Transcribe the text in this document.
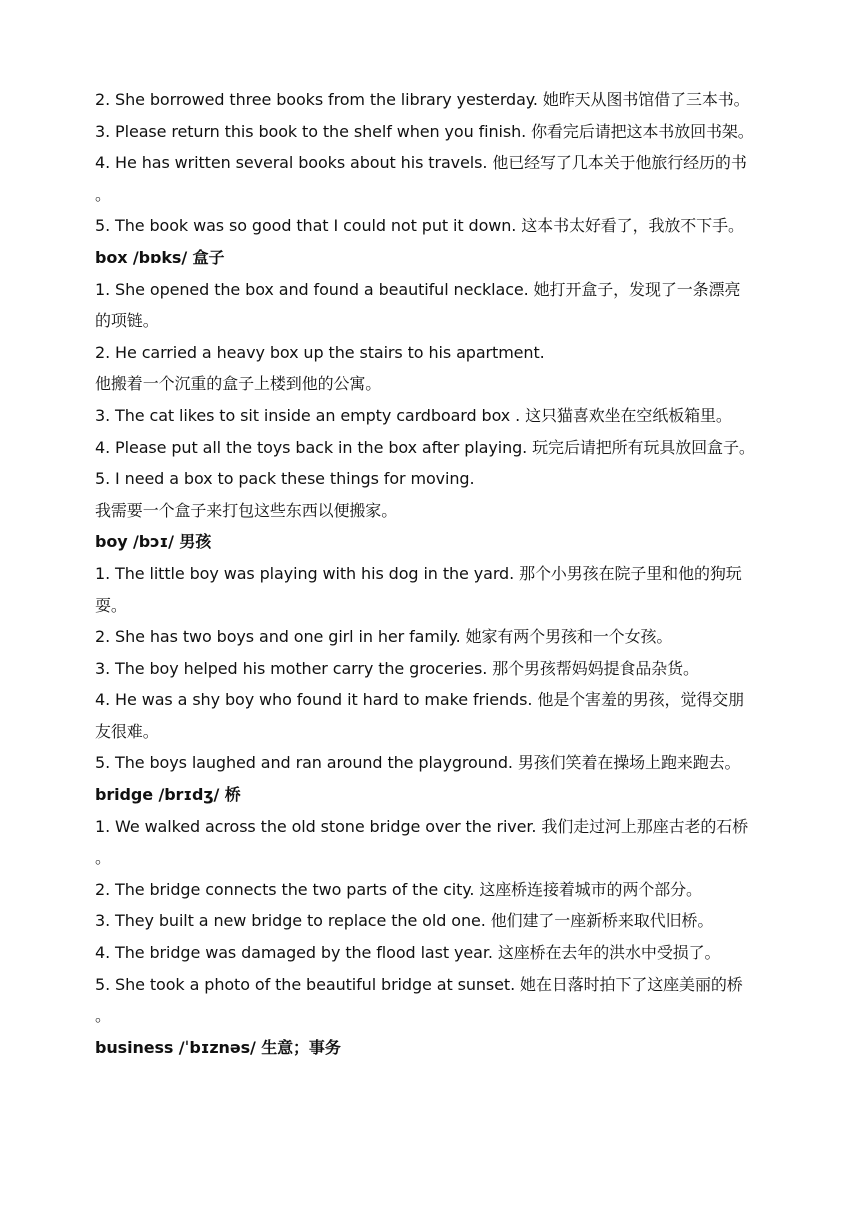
2. She borrowed three books from the library yesterday. 她昨天从图书馆借了三本书。
3. Please return this book to the shelf when you finish. 你看完后请把这本书放回书架。
4. He has written several books about his travels. 他已经写了几本关于他旅行经历的书
。
5. The book was so good that I could not put it down. 这本书太好看了，我放不下手。
box /bɒks/ 盒子
1. She opened the box and found a beautiful necklace. 她打开盒子，发现了一条漂亮
的项链。
2. He carried a heavy box up the stairs to his apartment.
他搬着一个沉重的盒子上楼到他的公寓。
3. The cat likes to sit inside an empty cardboard box . 这只猫喜欢坐在空纸板箱里。
4. Please put all the toys back in the box after playing. 玩完后请把所有玩具放回盒子。
5. I need a box to pack these things for moving.
我需要一个盒子来打包这些东西以便搬家。
boy /bɔɪ/ 男孩
1. The little boy was playing with his dog in the yard. 那个小男孩在院子里和他的狗玩
耍。
2. She has two boys and one girl in her family. 她家有两个男孩和一个女孩。
3. The boy helped his mother carry the groceries. 那个男孩帮妈妈提食品杂货。
4. He was a shy boy who found it hard to make friends. 他是个害羞的男孩，觉得交朋
友很难。
5. The boys laughed and ran around the playground. 男孩们笑着在操场上跑来跑去。
bridge /brɪdʒ/ 桥
1. We walked across the old stone bridge over the river. 我们走过河上那座古老的石桥
。
2. The bridge connects the two parts of the city. 这座桥连接着城市的两个部分。
3. They built a new bridge to replace the old one. 他们建了一座新桥来取代旧桥。
4. The bridge was damaged by the flood last year. 这座桥在去年的洪水中受损了。
5. She took a photo of the beautiful bridge at sunset. 她在日落时拍下了这座美丽的桥
。
business /ˈbɪznəs/ 生意；事务
